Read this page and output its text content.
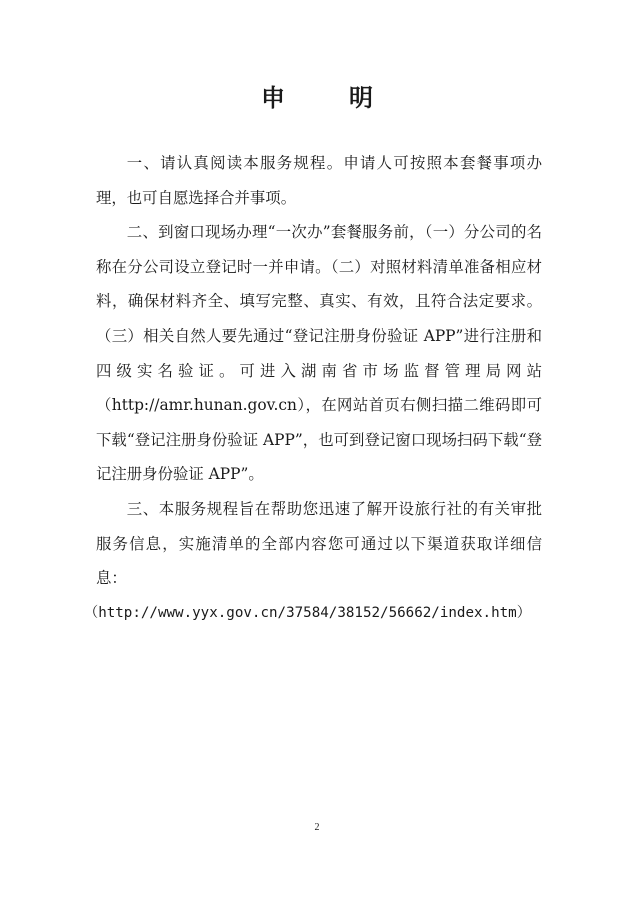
申　明

一、请认真阅读本服务规程。申请人可按照本套餐事项办理，也可自愿选择合并事项。

二、到窗口现场办理“一次办”套餐服务前，（一）分公司的名称在分公司设立登记时一并申请。（二）对照材料清单准备相应材料，确保材料齐全、填写完整、真实、有效，且符合法定要求。（三）相关自然人要先通过“登记注册身份验证 APP”进行注册和四级实名验证。可进入湖南省市场监督管理局网站（http://amr.hunan.gov.cn），在网站首页右侧扫描二维码即可下载“登记注册身份验证 APP”，也可到登记窗口现场扫码下载“登记注册身份验证 APP”。

三、本服务规程旨在帮助您迅速了解开设旅行社的有关审批服务信息，实施清单的全部内容您可通过以下渠道获取详细信息：

（http://www.yyx.gov.cn/37584/38152/56662/index.htm）

2
